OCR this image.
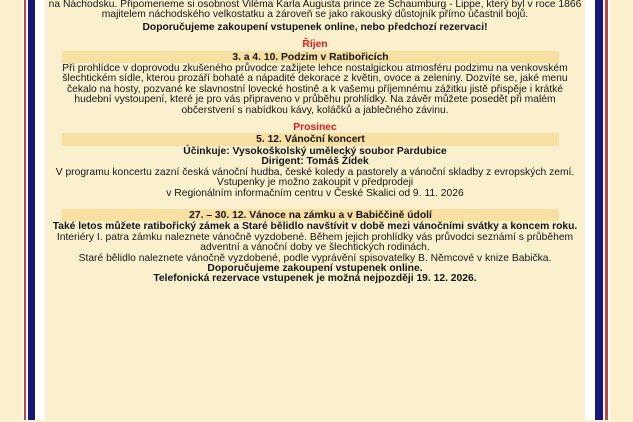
na Náchodsku. Připomeneme si osobnost Viléma Karla Augusta prince ze Schaumburg - Lippe, který byl v roce 1866
majitelem náchodského velkostatku a zároveň se jako rakouský důstojník přímo účastnil bojů.
Doporučujeme zakoupení vstupenek online, nebo předchozí rezervaci!
Říjen
3. a 4. 10. Podzim v Ratibořicích
Při prohlídce v doprovodu zkušeného průvodce zažijete lehce nostalgickou atmosféru podzimu na venkovském
šlechtickém sídle, kterou prozáří bohaté a nápadité dekorace z květin, ovoce a zeleniny. Dozvíte se, jaké menu
čekalo na hosty, pozvané ke slavnostní lovecké hostině a k vašemu příjemnému zážitku jistě přispěje i krátké
hudební vystoupení, které je pro vás připraveno v průběhu prohlídky. Na závěr můžete posedět při malém
občerstvení s nabídkou kávy, koláčků a jablečného závinu.
Prosinec
5. 12. Vánoční koncert
Účinkuje: Vysokoškolský umělecký soubor Pardubice
Dirigent: Tomáš Žídek
V programu koncertu zazní česká vánoční hudba, české koledy a pastorely a vánoční skladby z evropských zemí.
Vstupenky je možno zakoupit v předprodeji
v Regionálním informačním centru v České Skalici od 9. 11. 2026
27. – 30. 12. Vánoce na zámku a v Babiččině údolí
Také letos můžete ratibořický zámek a Staré bělidlo navštívit v době mezi vánočními svátky a koncem roku.
Interiéry I. patra zámku naleznete vánočně vyzdobené. Během jejich prohlídky vás průvodci seznámí s průběhem
adventní a vánoční doby ve šlechtických rodinách.
Staré bělidlo naleznete vánočně vyzdobené, podle vyprávění spisovatelky B. Němcové v knize Babička.
Doporučujeme zakoupení vstupenek online.
Telefonická rezervace vstupenek je možná nejpozději 19. 12. 2026.
